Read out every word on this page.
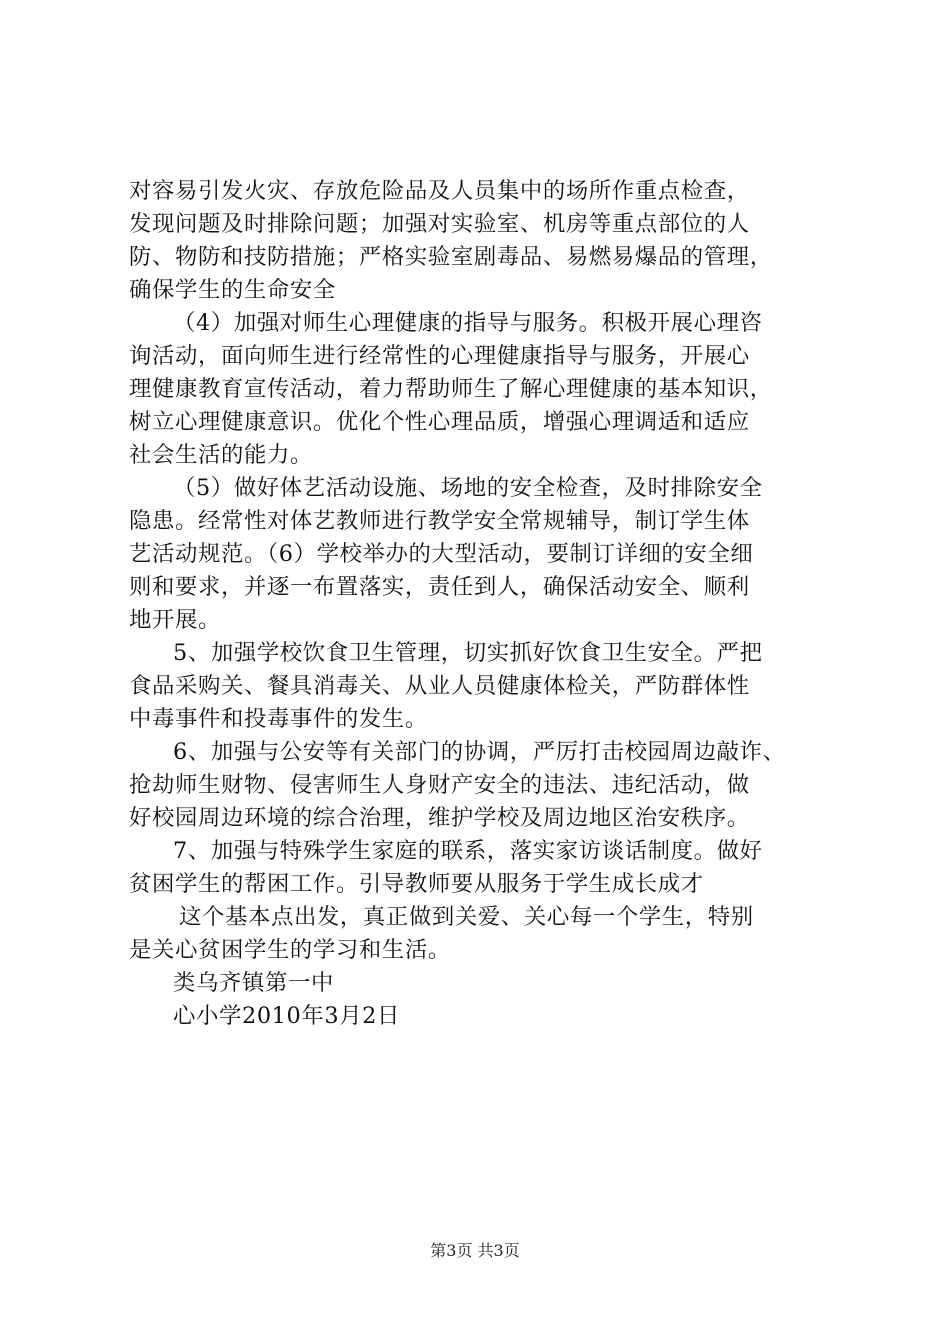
对容易引发火灾、存放危险品及人员集中的场所作重点检查，
发现问题及时排除问题；加强对实验室、机房等重点部位的人
防、物防和技防措施；严格实验室剧毒品、易燃易爆品的管理，
确保学生的生命安全
（4）加强对师生心理健康的指导与服务。积极开展心理咨
询活动，面向师生进行经常性的心理健康指导与服务，开展心
理健康教育宣传活动，着力帮助师生了解心理健康的基本知识，
树立心理健康意识。优化个性心理品质，增强心理调适和适应
社会生活的能力。
（5）做好体艺活动设施、场地的安全检查，及时排除安全
隐患。经常性对体艺教师进行教学安全常规辅导，制订学生体
艺活动规范。（6）学校举办的大型活动，要制订详细的安全细
则和要求，并逐一布置落实，责任到人，确保活动安全、顺利
地开展。
5、加强学校饮食卫生管理，切实抓好饮食卫生安全。严把
食品采购关、餐具消毒关、从业人员健康体检关，严防群体性
中毒事件和投毒事件的发生。
6、加强与公安等有关部门的协调，严厉打击校园周边敲诈、
抢劫师生财物、侵害师生人身财产安全的违法、违纪活动，做
好校园周边环境的综合治理，维护学校及周边地区治安秩序。
7、加强与特殊学生家庭的联系，落实家访谈话制度。做好
贫困学生的帮困工作。引导教师要从服务于学生成长成才
这个基本点出发，真正做到关爱、关心每一个学生，特别
是关心贫困学生的学习和生活。
类乌齐镇第一中
心小学2010年3月2日
第3页 共3页
